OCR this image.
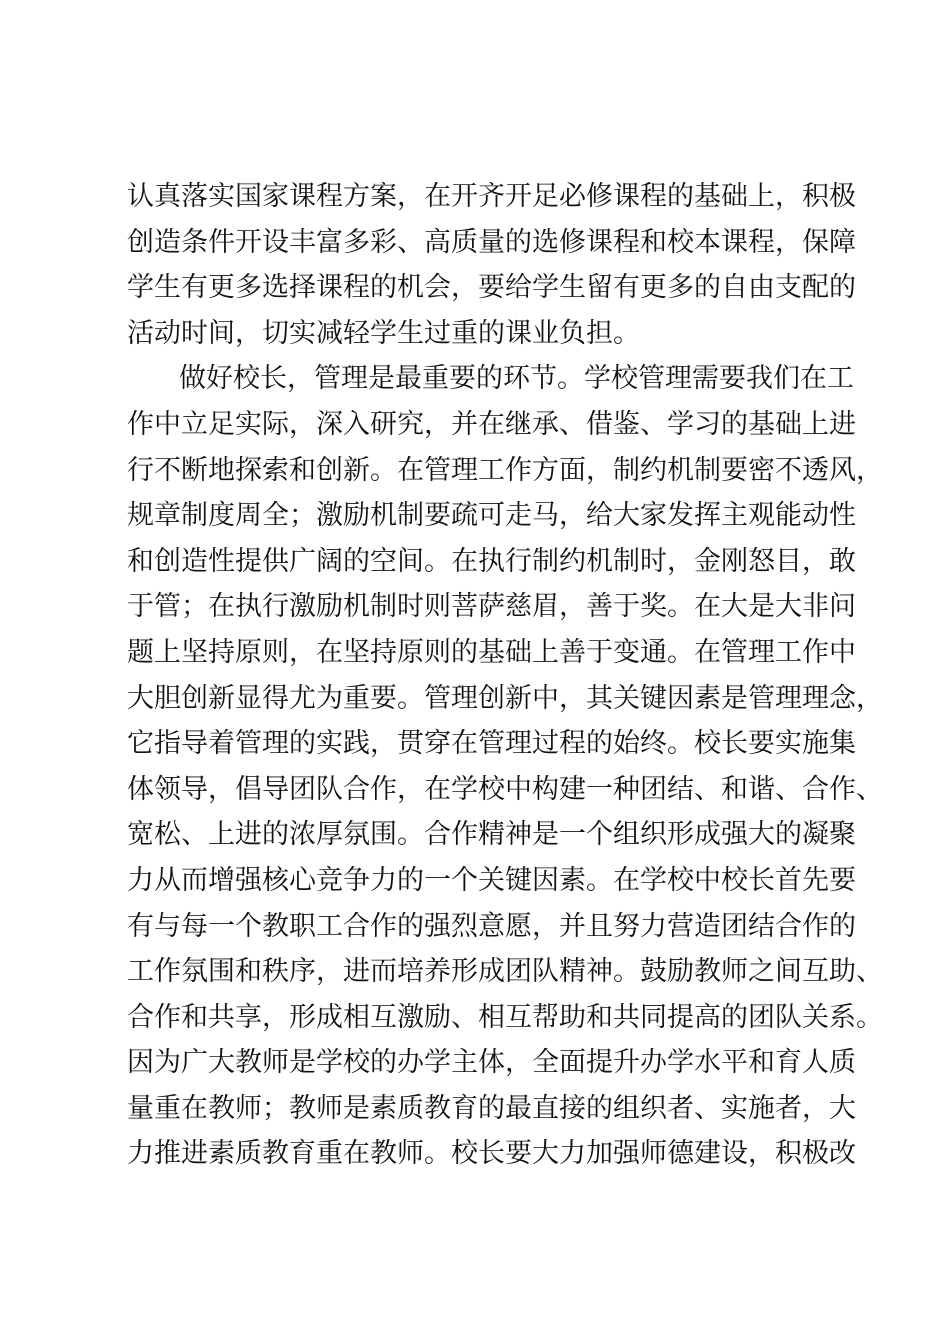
认真落实国家课程方案，在开齐开足必修课程的基础上，积极
创造条件开设丰富多彩、高质量的选修课程和校本课程，保障
学生有更多选择课程的机会，要给学生留有更多的自由支配的
活动时间，切实减轻学生过重的课业负担。
做好校长，管理是最重要的环节。学校管理需要我们在工
作中立足实际，深入研究，并在继承、借鉴、学习的基础上进
行不断地探索和创新。在管理工作方面，制约机制要密不透风，
规章制度周全；激励机制要疏可走马，给大家发挥主观能动性
和创造性提供广阔的空间。在执行制约机制时，金刚怒目，敢
于管；在执行激励机制时则菩萨慈眉，善于奖。在大是大非问
题上坚持原则，在坚持原则的基础上善于变通。在管理工作中
大胆创新显得尤为重要。管理创新中，其关键因素是管理理念，
它指导着管理的实践，贯穿在管理过程的始终。校长要实施集
体领导，倡导团队合作，在学校中构建一种团结、和谐、合作、
宽松、上进的浓厚氛围。合作精神是一个组织形成强大的凝聚
力从而增强核心竞争力的一个关键因素。在学校中校长首先要
有与每一个教职工合作的强烈意愿，并且努力营造团结合作的
工作氛围和秩序，进而培养形成团队精神。鼓励教师之间互助、
合作和共享，形成相互激励、相互帮助和共同提高的团队关系。
因为广大教师是学校的办学主体，全面提升办学水平和育人质
量重在教师；教师是素质教育的最直接的组织者、实施者，大
力推进素质教育重在教师。校长要大力加强师德建设，积极改
